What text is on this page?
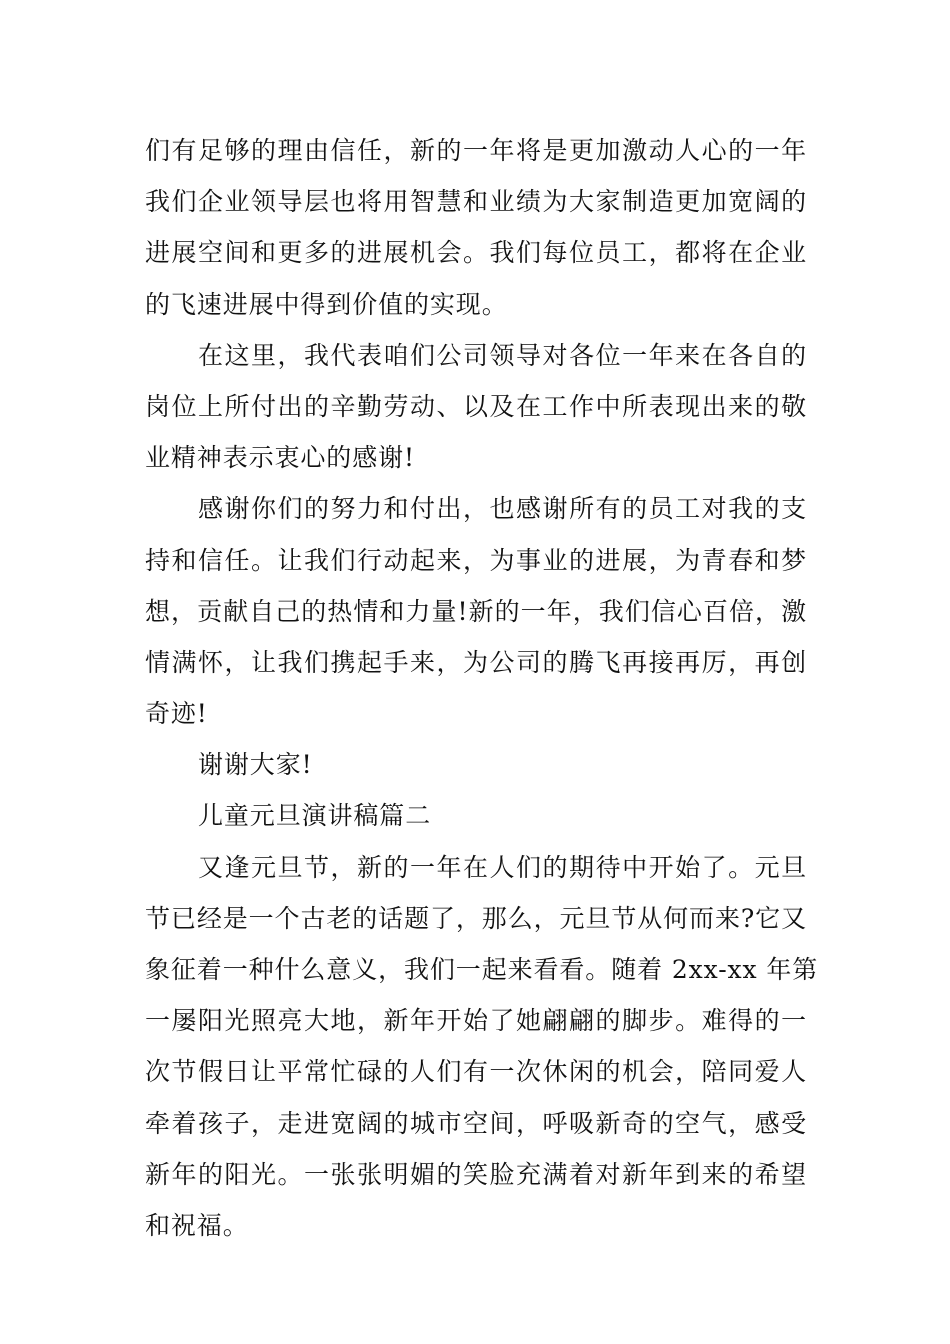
们有足够的理由信任，新的一年将是更加激动人心的一年
我们企业领导层也将用智慧和业绩为大家制造更加宽阔的
进展空间和更多的进展机会。我们每位员工，都将在企业
的飞速进展中得到价值的实现。
在这里，我代表咱们公司领导对各位一年来在各自的
岗位上所付出的辛勤劳动、以及在工作中所表现出来的敬
业精神表示衷心的感谢!
感谢你们的努力和付出，也感谢所有的员工对我的支
持和信任。让我们行动起来，为事业的进展，为青春和梦
想，贡献自己的热情和力量!新的一年，我们信心百倍，激
情满怀，让我们携起手来，为公司的腾飞再接再厉，再创
奇迹!
谢谢大家!
儿童元旦演讲稿篇二
又逢元旦节，新的一年在人们的期待中开始了。元旦
节已经是一个古老的话题了，那么，元旦节从何而来?它又
象征着一种什么意义，我们一起来看看。随着 2xx-xx 年第
一屡阳光照亮大地，新年开始了她翩翩的脚步。难得的一
次节假日让平常忙碌的人们有一次休闲的机会，陪同爱人
牵着孩子，走进宽阔的城市空间，呼吸新奇的空气，感受
新年的阳光。一张张明媚的笑脸充满着对新年到来的希望
和祝福。
